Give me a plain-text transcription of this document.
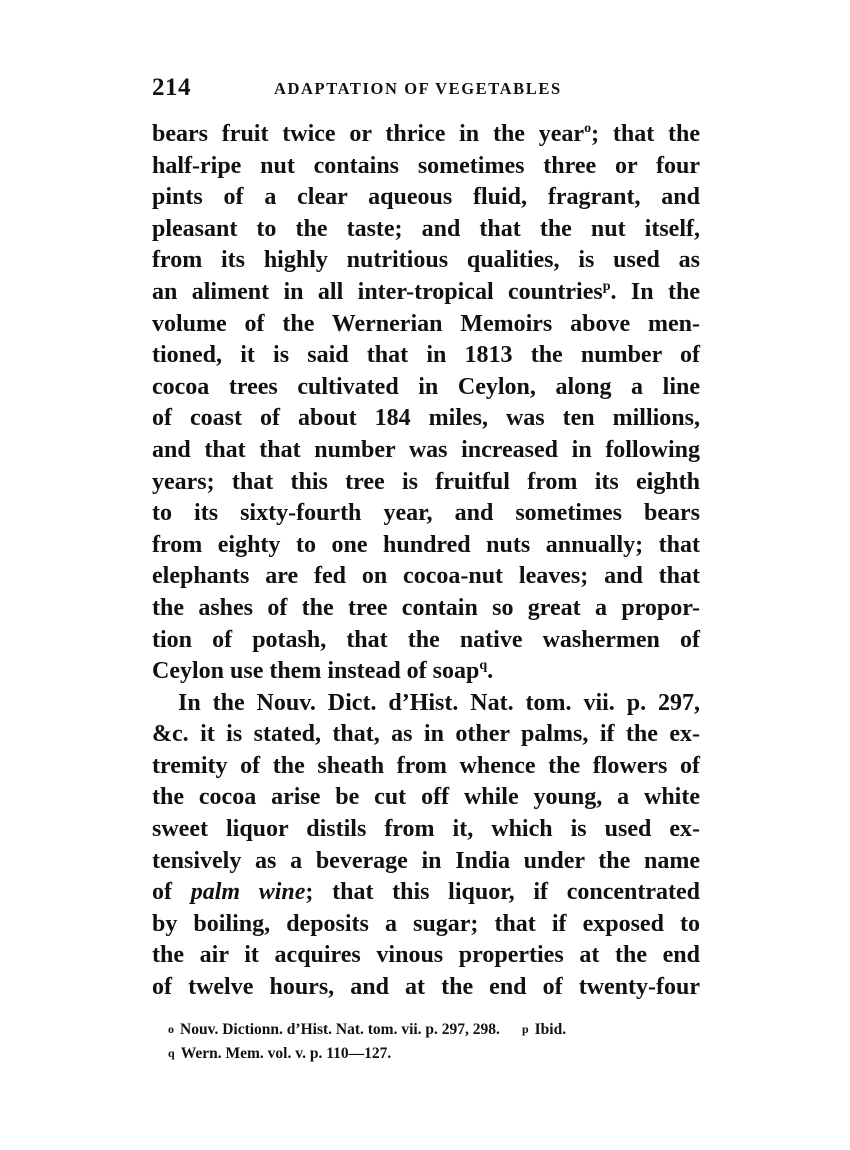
214	ADAPTATION OF VEGETABLES
bears fruit twice or thrice in the year$^o$; that the
half-ripe nut contains sometimes three or four
pints of a clear aqueous fluid, fragrant, and
pleasant to the taste; and that the nut itself,
from its highly nutritious qualities, is used as
an aliment in all inter-tropical countries$^p$. In the
volume of the Wernerian Memoirs above men-
tioned, it is said that in 1813 the number of
cocoa trees cultivated in Ceylon, along a line
of coast of about 184 miles, was ten millions,
and that that number was increased in following
years; that this tree is fruitful from its eighth
to its sixty-fourth year, and sometimes bears
from eighty to one hundred nuts annually; that
elephants are fed on cocoa-nut leaves; and that
the ashes of the tree contain so great a propor-
tion of potash, that the native washermen of
Ceylon use them instead of soap$^q$.
In the Nouv. Dict. d’Hist. Nat. tom. vii. p. 297,
&c. it is stated, that, as in other palms, if the ex-
tremity of the sheath from whence the flowers of
the cocoa arise be cut off while young, a white
sweet liquor distils from it, which is used ex-
tensively as a beverage in India under the name
of palm wine; that this liquor, if concentrated
by boiling, deposits a sugar; that if exposed to
the air it acquires vinous properties at the end
of twelve hours, and at the end of twenty-four
o Nouv. Dictionn. d’Hist. Nat. tom. vii. p. 297, 298. p Ibid.
q Wern. Mem. vol. v. p. 110—127.
